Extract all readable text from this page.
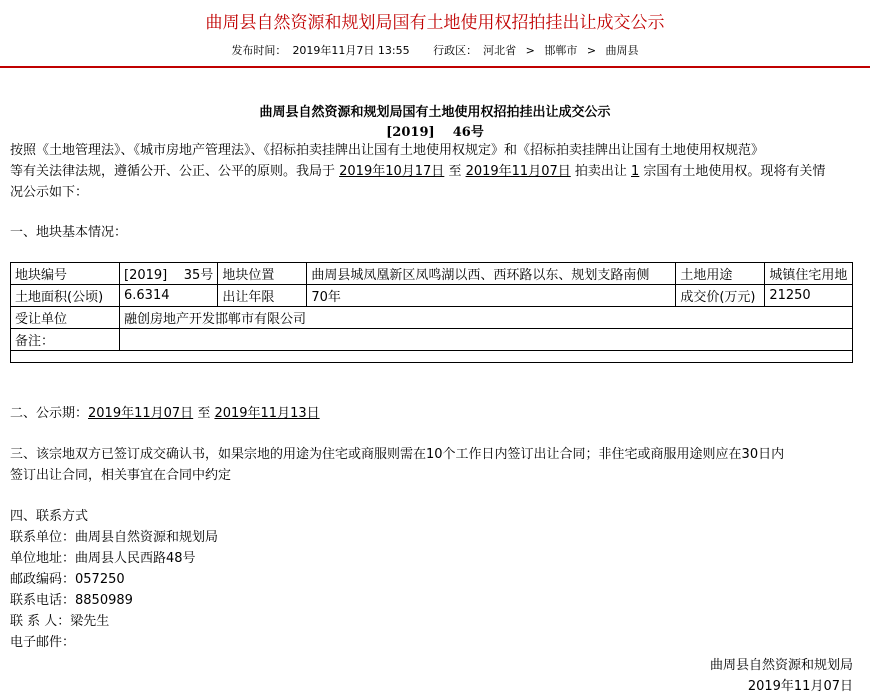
曲周县自然资源和规划局国有土地使用权招拍挂出让成交公示
发布时间： 2019年11月7日 13:55 行政区： 河北省 > 邯郸市 > 曲周县
曲周县自然资源和规划局国有土地使用权招拍挂出让成交公示
[2019] 46号
按照《土地管理法》、《城市房地产管理法》、《招标拍卖挂牌出让国有土地使用权规定》和《招标拍卖挂牌出让国有土地使用权规范》
等有关法律法规，遵循公开、公正、公平的原则。我局于 2019年10月17日 至 2019年11月07日 拍卖出让 1 宗国有土地使用权。现将有关情
况公示如下：
一、地块基本情况：
地块编号	[2019]    35号	地块位置	曲周县城凤凰新区凤鸣湖以西、西环路以东、规划支路南侧	土地用途	城镇住宅用地
土地面积(公顷)	6.6314	出让年限	70年	成交价(万元)	21250
受让单位	融创房地产开发邯郸市有限公司				
备注：					

二、公示期：2019年11月07日 至 2019年11月13日
三、该宗地双方已签订成交确认书，如果宗地的用途为住宅或商服则需在10个工作日内签订出让合同；非住宅或商服用途则应在30日内
签订出让合同，相关事宜在合同中约定
四、联系方式
联系单位：曲周县自然资源和规划局
单位地址：曲周县人民西路48号
邮政编码：057250
联系电话：8850989
联 系 人：梁先生
电子邮件：
曲周县自然资源和规划局
2019年11月07日
